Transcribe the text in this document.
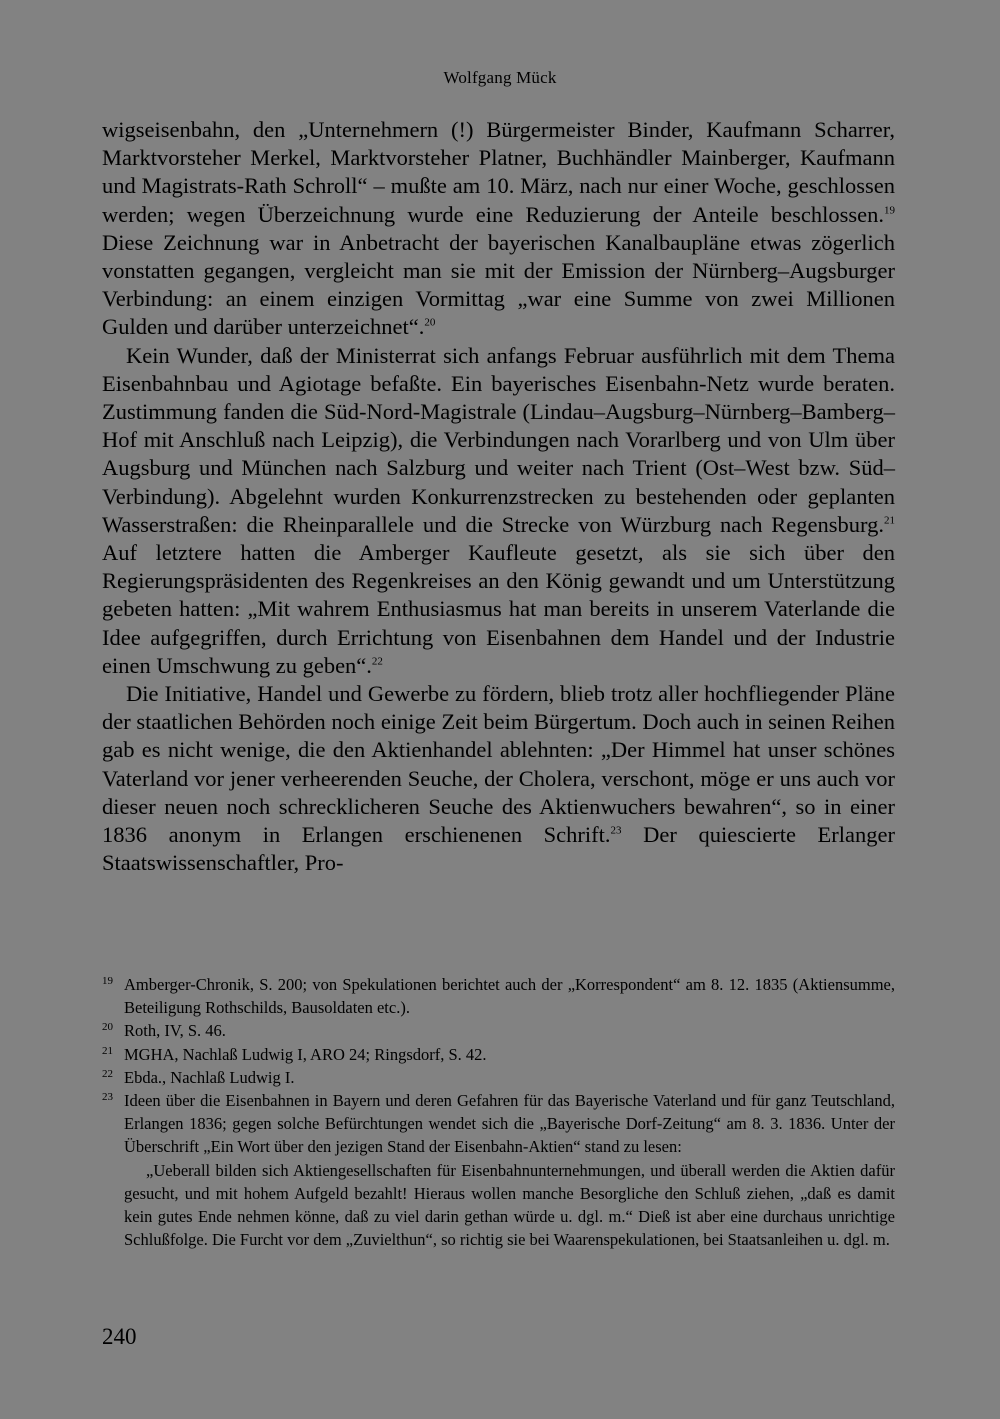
Wolfgang Mück

wigseisenbahn, den „Unternehmern (!) Bürgermeister Binder, Kaufmann Scharrer, Marktvorsteher Merkel, Marktvorsteher Platner, Buchhändler Mainberger, Kaufmann und Magistrats-Rath Schroll“ – mußte am 10. März, nach nur einer Woche, geschlossen werden; wegen Überzeichnung wurde eine Reduzierung der Anteile beschlossen.$^{19}$ Diese Zeichnung war in Anbetracht der bayerischen Kanalbaupläne etwas zögerlich vonstatten gegangen, vergleicht man sie mit der Emission der Nürnberg–Augsburger Verbindung: an einem einzigen Vormittag „war eine Summe von zwei Millionen Gulden und darüber unterzeichnet“.$^{20}$

Kein Wunder, daß der Ministerrat sich anfangs Februar ausführlich mit dem Thema Eisenbahnbau und Agiotage befaßte. Ein bayerisches Eisenbahn-Netz wurde beraten. Zustimmung fanden die Süd-Nord-Magistrale (Lindau–Augsburg–Nürnberg–Bamberg–Hof mit Anschluß nach Leipzig), die Verbindungen nach Vorarlberg und von Ulm über Augsburg und München nach Salzburg und weiter nach Trient (Ost–West bzw. Süd–Verbindung). Abgelehnt wurden Konkurrenzstrecken zu bestehenden oder geplanten Wasserstraßen: die Rheinparallele und die Strecke von Würzburg nach Regensburg.$^{21}$ Auf letztere hatten die Amberger Kaufleute gesetzt, als sie sich über den Regierungspräsidenten des Regenkreises an den König gewandt und um Unterstützung gebeten hatten: „Mit wahrem Enthusiasmus hat man bereits in unserem Vaterlande die Idee aufgegriffen, durch Errichtung von Eisenbahnen dem Handel und der Industrie einen Umschwung zu geben“.$^{22}$

Die Initiative, Handel und Gewerbe zu fördern, blieb trotz aller hochfliegender Pläne der staatlichen Behörden noch einige Zeit beim Bürgertum. Doch auch in seinen Reihen gab es nicht wenige, die den Aktienhandel ablehnten: „Der Himmel hat unser schönes Vaterland vor jener verheerenden Seuche, der Cholera, verschont, möge er uns auch vor dieser neuen noch schrecklicheren Seuche des Aktienwuchers bewahren“, so in einer 1836 anonym in Erlangen erschienenen Schrift.$^{23}$ Der quiescierte Erlanger Staatswissenschaftler, Pro-

19 Amberger-Chronik, S. 200; von Spekulationen berichtet auch der „Korrespondent“ am 8. 12. 1835 (Aktiensumme, Beteiligung Rothschilds, Bausoldaten etc.).
20 Roth, IV, S. 46.
21 MGHA, Nachlaß Ludwig I, ARO 24; Ringsdorf, S. 42.
22 Ebda., Nachlaß Ludwig I.
23 Ideen über die Eisenbahnen in Bayern und deren Gefahren für das Bayerische Vaterland und für ganz Teutschland, Erlangen 1836; gegen solche Befürchtungen wendet sich die „Bayerische Dorf-Zeitung“ am 8. 3. 1836. Unter der Überschrift „Ein Wort über den jezigen Stand der Eisenbahn-Aktien“ stand zu lesen:
„Ueberall bilden sich Aktiengesellschaften für Eisenbahnunternehmungen, und überall werden die Aktien dafür gesucht, und mit hohem Aufgeld bezahlt! Hieraus wollen manche Besorgliche den Schluß ziehen, „daß es damit kein gutes Ende nehmen könne, daß zu viel darin gethan würde u. dgl. m.“ Dieß ist aber eine durchaus unrichtige Schlußfolge. Die Furcht vor dem „Zuvielthun“, so richtig sie bei Waarenspekulationen, bei Staatsanleihen u. dgl. m.
240
